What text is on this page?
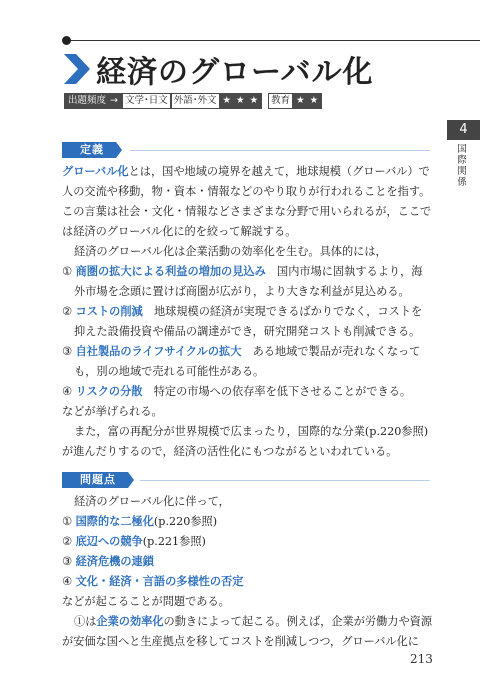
経済のグローバル化
出題頻度 → 文学･日文 外語･外文 ★ ★ ★	教育 ★ ★
4
国
際
関
係
定義
グローバル化とは，国や地域の境界を越えて，地球規模（グローバル）で
人の交流や移動，物・資本・情報などのやり取りが行われることを指す。
この言葉は社会・文化・情報などさまざまな分野で用いられるが，ここで
は経済のグローバル化に的を絞って解説する。
経済のグローバル化は企業活動の効率化を生む。具体的には，
① 商圏の拡大による利益の増加の見込み　 国内市場に固執するより，海
外市場を念頭に置けば商圏が広がり，より大きな利益が見込める。
② コストの削減　 地球規模の経済が実現できるばかりでなく，コストを
抑えた設備投資や備品の調達ができ，研究開発コストも削減できる。
③ 自社製品のライフサイクルの拡大　 ある地域で製品が売れなくなって
も，別の地域で売れる可能性がある。
④ リスクの分散　 特定の市場への依存率を低下させることができる。
などが挙げられる。
また，富の再配分が世界規模で広まったり，国際的な分業(p.220参照)
が進んだりするので，経済の活性化にもつながるといわれている。
問題点
経済のグローバル化に伴って，
① 国際的な二極化(p.220参照)
② 底辺への競争(p.221参照)
③ 経済危機の連鎖
④ 文化・経済・言語の多様性の否定
などが起こることが問題である。
①は企業の効率化の動きによって起こる。例えば，企業が労働力や資源
が安価な国へと生産拠点を移してコストを削減しつつ，グローバル化に
213
